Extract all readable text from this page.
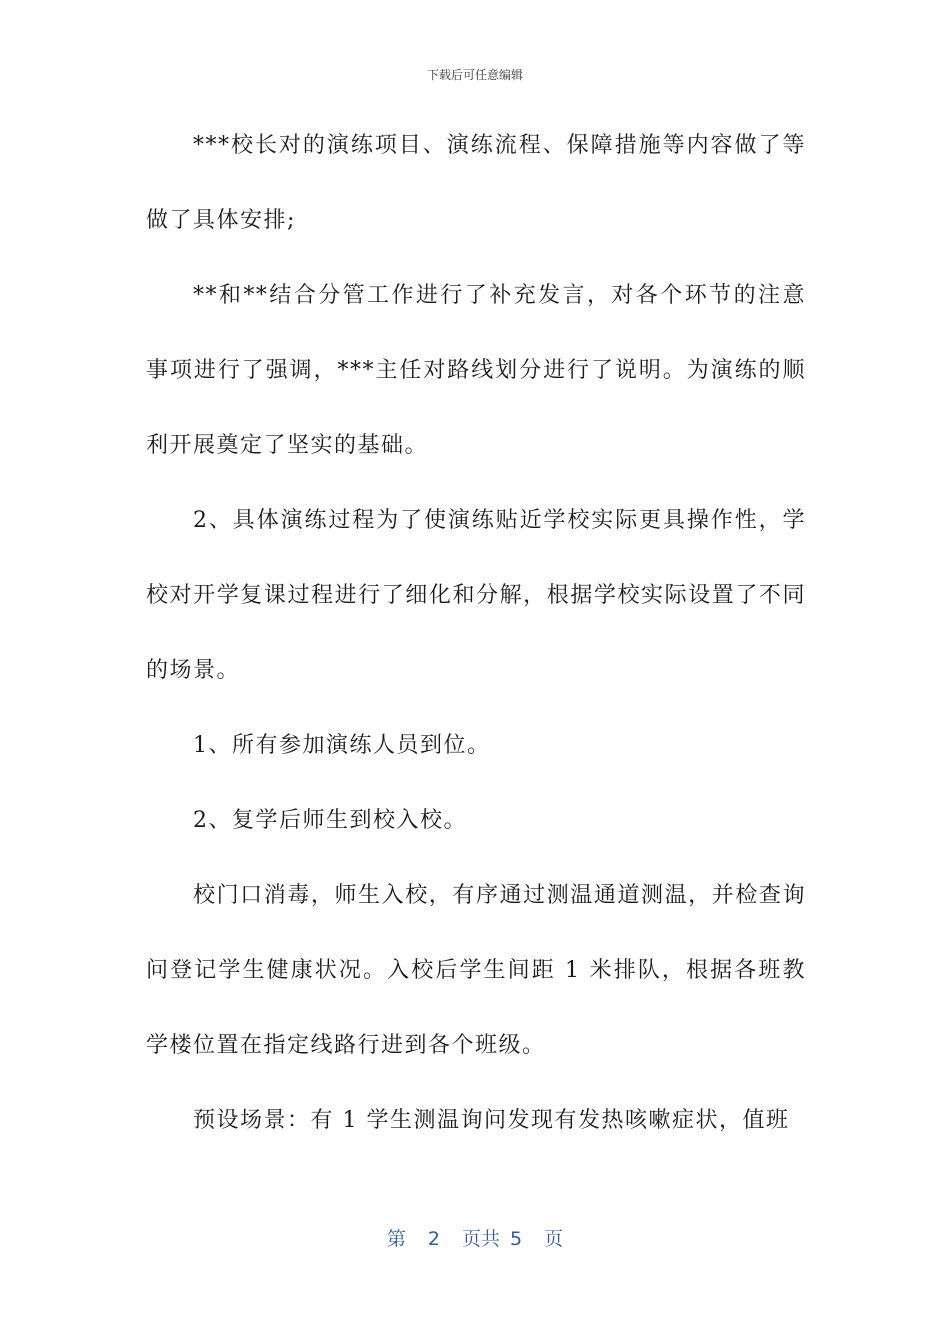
下载后可任意编辑

***校长对的演练项目、演练流程、保障措施等内容做了等做了具体安排;

**和**结合分管工作进行了补充发言，对各个环节的注意事项进行了强调，***主任对路线划分进行了说明。为演练的顺利开展奠定了坚实的基础。

2、具体演练过程为了使演练贴近学校实际更具操作性，学校对开学复课过程进行了细化和分解，根据学校实际设置了不同的场景。

1、所有参加演练人员到位。

2、复学后师生到校入校。

校门口消毒，师生入校，有序通过测温通道测温，并检查询问登记学生健康状况。入校后学生间距 1 米排队，根据各班教学楼位置在指定线路行进到各个班级。

预设场景：有 1 学生测温询问发现有发热咳嗽症状，值班

第 2 页共 5 页
